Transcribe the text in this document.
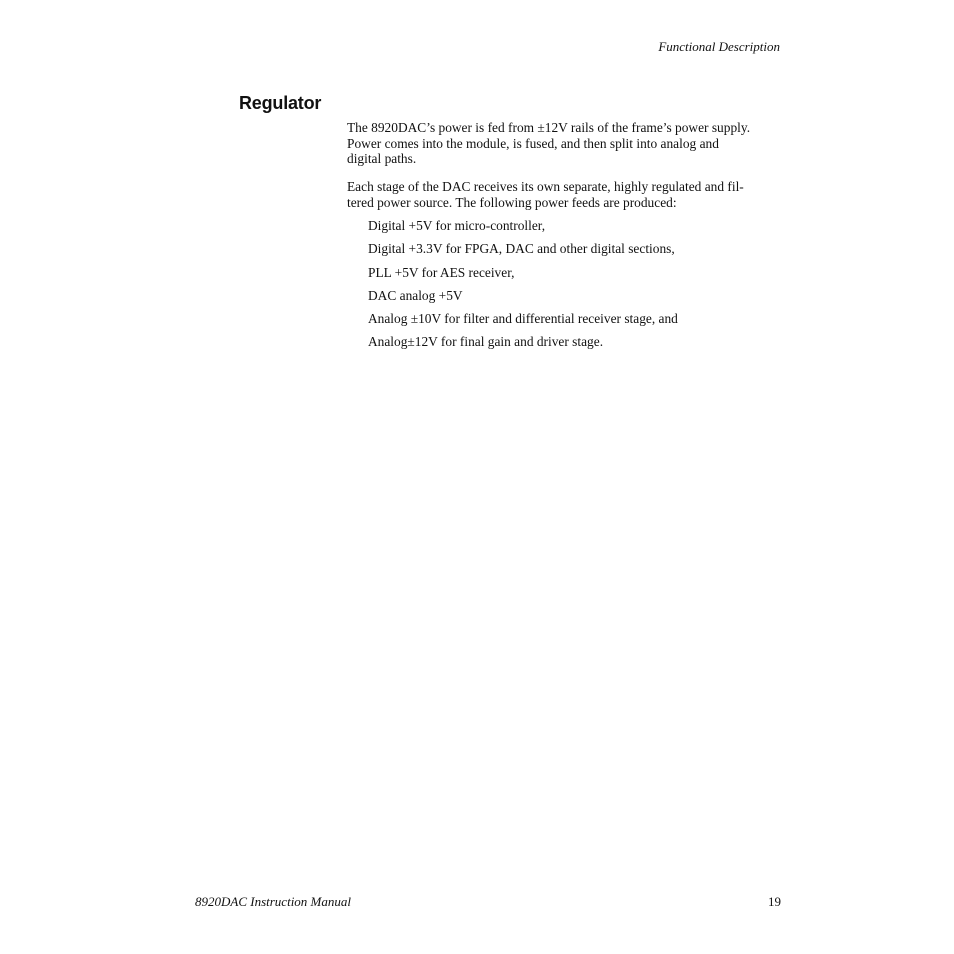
Functional Description
Regulator

The 8920DAC’s power is fed from ±12V rails of the frame’s power supply.
Power comes into the module, is fused, and then split into analog and
digital paths.

Each stage of the DAC receives its own separate, highly regulated and fil-
tered power source. The following power feeds are produced:

Digital +5V for micro-controller,
Digital +3.3V for FPGA, DAC and other digital sections,
PLL +5V for AES receiver,
DAC analog +5V
Analog ±10V for filter and differential receiver stage, and
Analog±12V for final gain and driver stage.
8920DAC Instruction Manual	19
